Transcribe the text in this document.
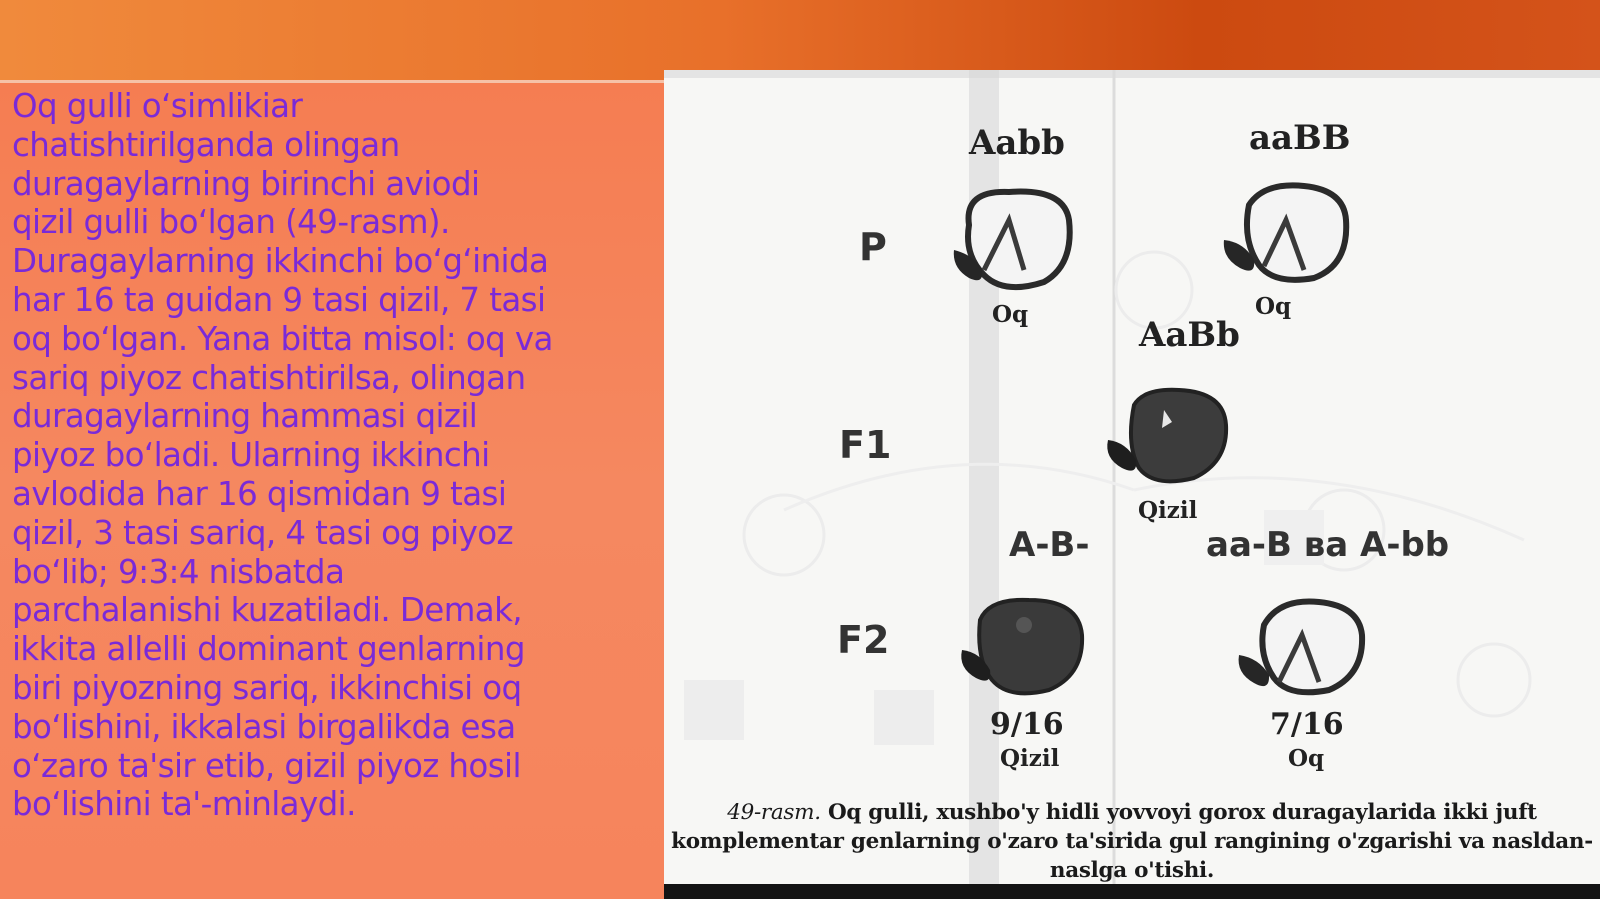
Oq gulli oʻsimlikiar
chatishtirilganda olingan
duragaylarning birinchi aviodi
qizil gulli boʻlgan (49-rasm).
Duragaylarning ikkinchi boʻgʻinida
har 16 ta guidan 9 tasi qizil, 7 tasi
oq boʻlgan. Yana bitta misol: oq va
sariq piyoz chatishtirilsa, olingan
duragaylarning hammasi qizil
piyoz boʻladi. Ularning ikkinchi
avlodida har 16 qismidan 9 tasi
qizil, 3 tasi sariq, 4 tasi og piyoz
boʻlib; 9:3:4 nisbatda
parchalanishi kuzatiladi. Demak,
ikkita allelli dominant genlarning
biri piyozning sariq, ikkinchisi oq
boʻlishini, ikkalasi birgalikda esa
oʻzaro ta'sir etib, gizil piyoz hosil
boʻlishini ta'-minlaydi.

P
F1
F2
Aabb	aaBB
AaBb
A-B-	aa-B ва A-bb
Oq	Oq
Qizil
9/16
Qizil
7/16
Oq

49-rasm. Oq gulli, xushbo'y hidli yovvoyi gorox duragaylarida ikki juft komplementar genlarning o'zaro ta'sirida gul rangining o'zgarishi va nasldan-naslga o'tishi.
